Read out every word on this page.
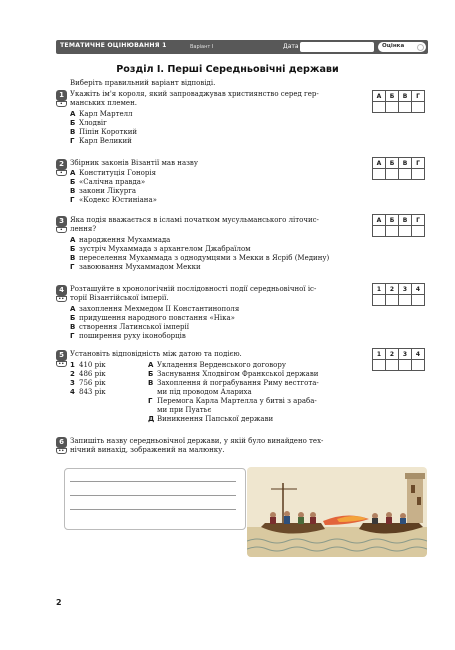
ТЕМАТИЧНЕ ОЦІНЮВАННЯ 1	Варіант І	Дата	Оцінка
Розділ I. Перші Середньовічні держави
Виберіть правильний варіант відповіді.
1
•
Укажіть ім'я короля, який запроваджував християнство серед гер-
манських племен.
А Карл Мартелл
Б Хлодвіг
В Піпін Короткий
Г Карл Великий
А	Б	В	Г

2
•
Збірник законів Візантії мав назву
А Конституція Гонорія
Б «Салічна правда»
В закони Лікурга
Г «Кодекс Юстиніана»
А	Б	В	Г

3
•
Яка подія вважається в ісламі початком мусульманського літочис-
лення?
А народження Мухаммада
Б зустріч Мухаммада з архангелом Джабраїлом
В переселення Мухаммада з однодумцями з Мекки в Ясріб (Медину)
Г завоювання Мухаммадом Мекки
А	Б	В	Г

4
••
Розташуйте в хронологічній послідовності події середньовічної іс-
торії Візантійської імперії.
А захоплення Мехмедом II Константинополя
Б придушення народного повстання «Ніка»
В створення Латинської імперії
Г поширення руху іконоборців
1	2	3	4

5
••
Установіть відповідність між датою та подією.
1 410 рік
2 486 рік
3 756 рік
4 843 рік
А Укладення Верденського договору
Б Заснування Хлодвігом Франкської держави
В Захоплення й пограбування Риму вестгота-
ми під проводом Алариха
Г Перемога Карла Мартелла у битві з араба-
ми при Пуатьє
Д Виникнення Папської держави
1	2	3	4

6
••
Запишіть назву середньовічної держави, у якій було винайдено тех-
нічний винахід, зображений на малюнку.
2
